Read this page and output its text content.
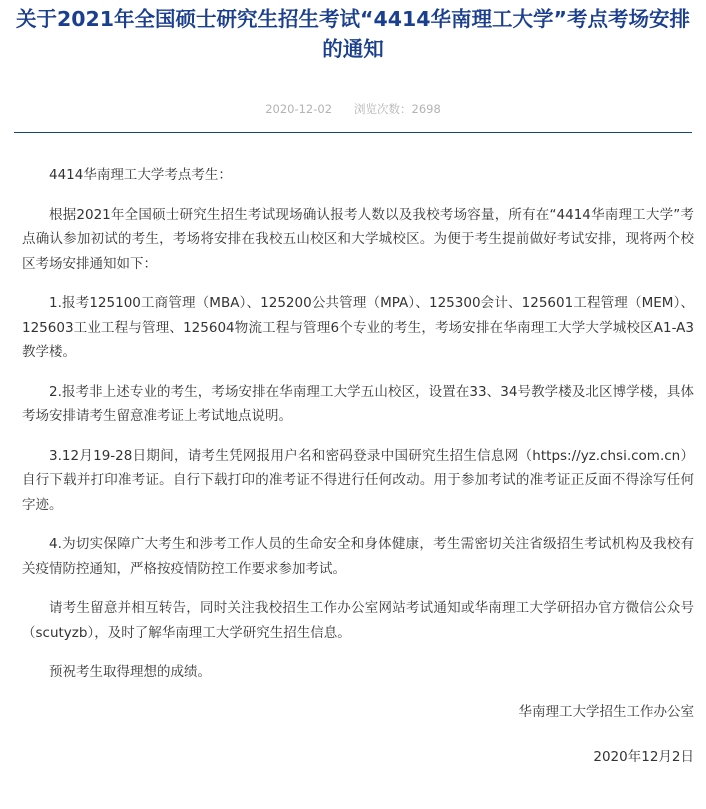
关于2021年全国硕士研究生招生考试“4414华南理工大学”考点考场安排的通知
2020-12-02 浏览次数：2698

4414华南理工大学考点考生：

根据2021年全国硕士研究生招生考试现场确认报考人数以及我校考场容量，所有在“4414华南理工大学”考点确认参加初试的考生，考场将安排在我校五山校区和大学城校区。为便于考生提前做好考试安排，现将两个校区考场安排通知如下：

1.报考125100工商管理（MBA）、125200公共管理（MPA）、125300会计、125601工程管理（MEM）、125603工业工程与管理、125604物流工程与管理6个专业的考生，考场安排在华南理工大学大学城校区A1-A3教学楼。

2.报考非上述专业的考生，考场安排在华南理工大学五山校区，设置在33、34号教学楼及北区博学楼，具体考场安排请考生留意准考证上考试地点说明。

3.12月19-28日期间，请考生凭网报用户名和密码登录中国研究生招生信息网（https://yz.chsi.com.cn）自行下载并打印准考证。自行下载打印的准考证不得进行任何改动。用于参加考试的准考证正反面不得涂写任何字迹。

4.为切实保障广大考生和涉考工作人员的生命安全和身体健康，考生需密切关注省级招生考试机构及我校有关疫情防控通知，严格按疫情防控工作要求参加考试。

请考生留意并相互转告，同时关注我校招生工作办公室网站考试通知或华南理工大学研招办官方微信公众号（scutyzb），及时了解华南理工大学研究生招生信息。

预祝考生取得理想的成绩。

华南理工大学招生工作办公室

2020年12月2日
